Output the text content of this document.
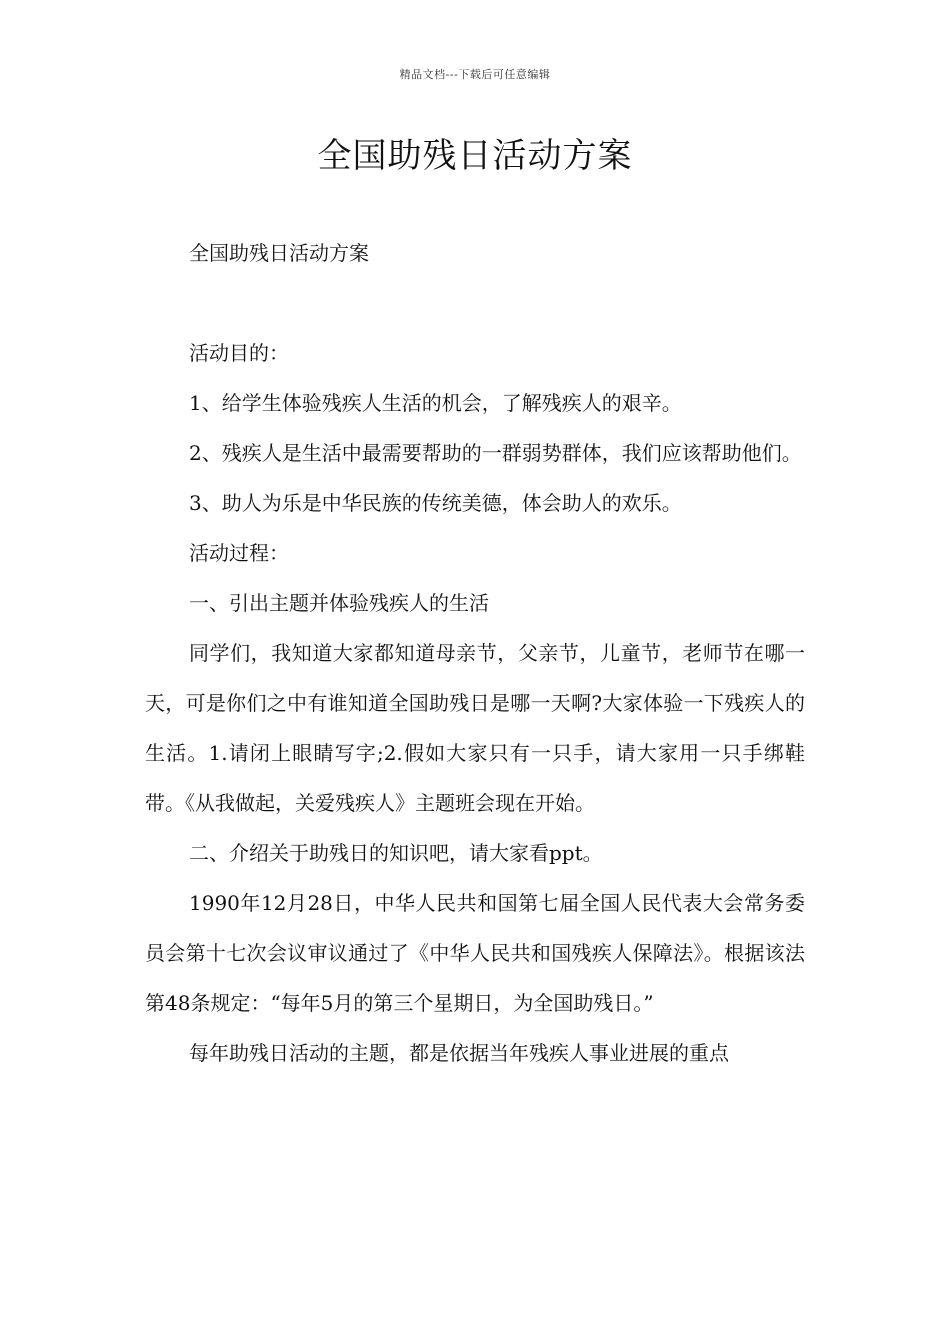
精品文档---下载后可任意编辑
全国助残日活动方案

全国助残日活动方案

活动目的：

1、给学生体验残疾人生活的机会，了解残疾人的艰辛。

2、残疾人是生活中最需要帮助的一群弱势群体，我们应该帮助他们。

3、助人为乐是中华民族的传统美德，体会助人的欢乐。

活动过程：

一、引出主题并体验残疾人的生活

同学们，我知道大家都知道母亲节，父亲节，儿童节，老师节在哪一天，可是你们之中有谁知道全国助残日是哪一天啊?大家体验一下残疾人的生活。1.请闭上眼睛写字;2.假如大家只有一只手，请大家用一只手绑鞋带。《从我做起，关爱残疾人》主题班会现在开始。

二、介绍关于助残日的知识吧，请大家看ppt。

1990年12月28日，中华人民共和国第七届全国人民代表大会常务委员会第十七次会议审议通过了《中华人民共和国残疾人保障法》。根据该法第48条规定：“每年5月的第三个星期日，为全国助残日。”

每年助残日活动的主题，都是依据当年残疾人事业进展的重点
